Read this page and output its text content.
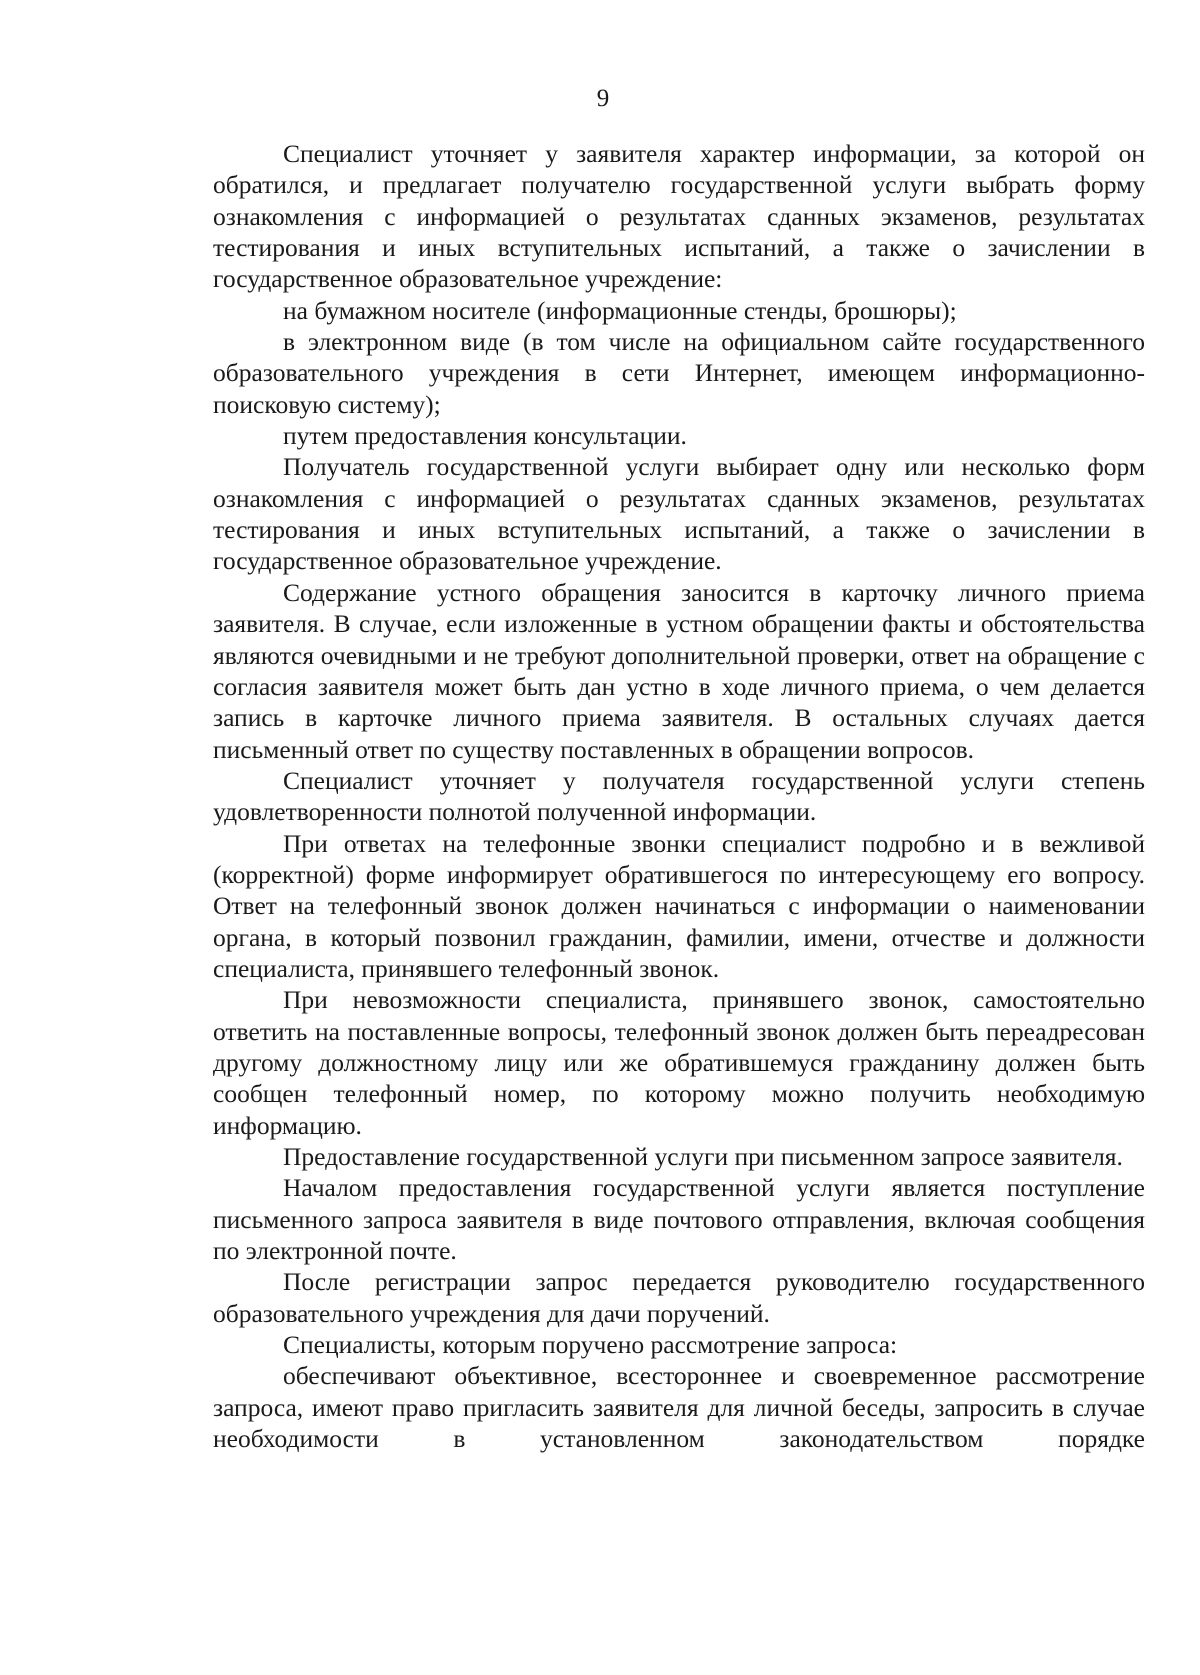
9

Специалист уточняет у заявителя характер информации, за которой он обратился, и предлагает получателю государственной услуги выбрать форму ознакомления с информацией о результатах сданных экзаменов, результатах тестирования и иных вступительных испытаний, а также о зачислении в государственное образовательное учреждение:

на бумажном носителе (информационные стенды, брошюры);

в электронном виде (в том числе на официальном сайте государственного образовательного учреждения в сети Интернет, имеющем информационно-поисковую систему);

путем предоставления консультации.

Получатель государственной услуги выбирает одну или несколько форм ознакомления с информацией о результатах сданных экзаменов, результатах тестирования и иных вступительных испытаний, а также о зачислении в государственное образовательное учреждение.

Содержание устного обращения заносится в карточку личного приема заявителя. В случае, если изложенные в устном обращении факты и обстоятельства являются очевидными и не требуют дополнительной проверки, ответ на обращение с согласия заявителя может быть дан устно в ходе личного приема, о чем делается запись в карточке личного приема заявителя. В остальных случаях дается письменный ответ по существу поставленных в обращении вопросов.

Специалист уточняет у получателя государственной услуги степень удовлетворенности полнотой полученной информации.

При ответах на телефонные звонки специалист подробно и в вежливой (корректной) форме информирует обратившегося по интересующему его вопросу. Ответ на телефонный звонок должен начинаться с информации о наименовании органа, в который позвонил гражданин, фамилии, имени, отчестве и должности специалиста, принявшего телефонный звонок.

При невозможности специалиста, принявшего звонок, самостоятельно ответить на поставленные вопросы, телефонный звонок должен быть переадресован другому должностному лицу или же обратившемуся гражданину должен быть сообщен телефонный номер, по которому можно получить необходимую информацию.

Предоставление государственной услуги при письменном запросе заявителя.

Началом предоставления государственной услуги является поступление письменного запроса заявителя в виде почтового отправления, включая сообщения по электронной почте.

После регистрации запрос передается руководителю государственного образовательного учреждения для дачи поручений.

Специалисты, которым поручено рассмотрение запроса:

обеспечивают объективное, всестороннее и своевременное рассмотрение запроса, имеют право пригласить заявителя для личной беседы, запросить в случае необходимости в установленном законодательством порядке
